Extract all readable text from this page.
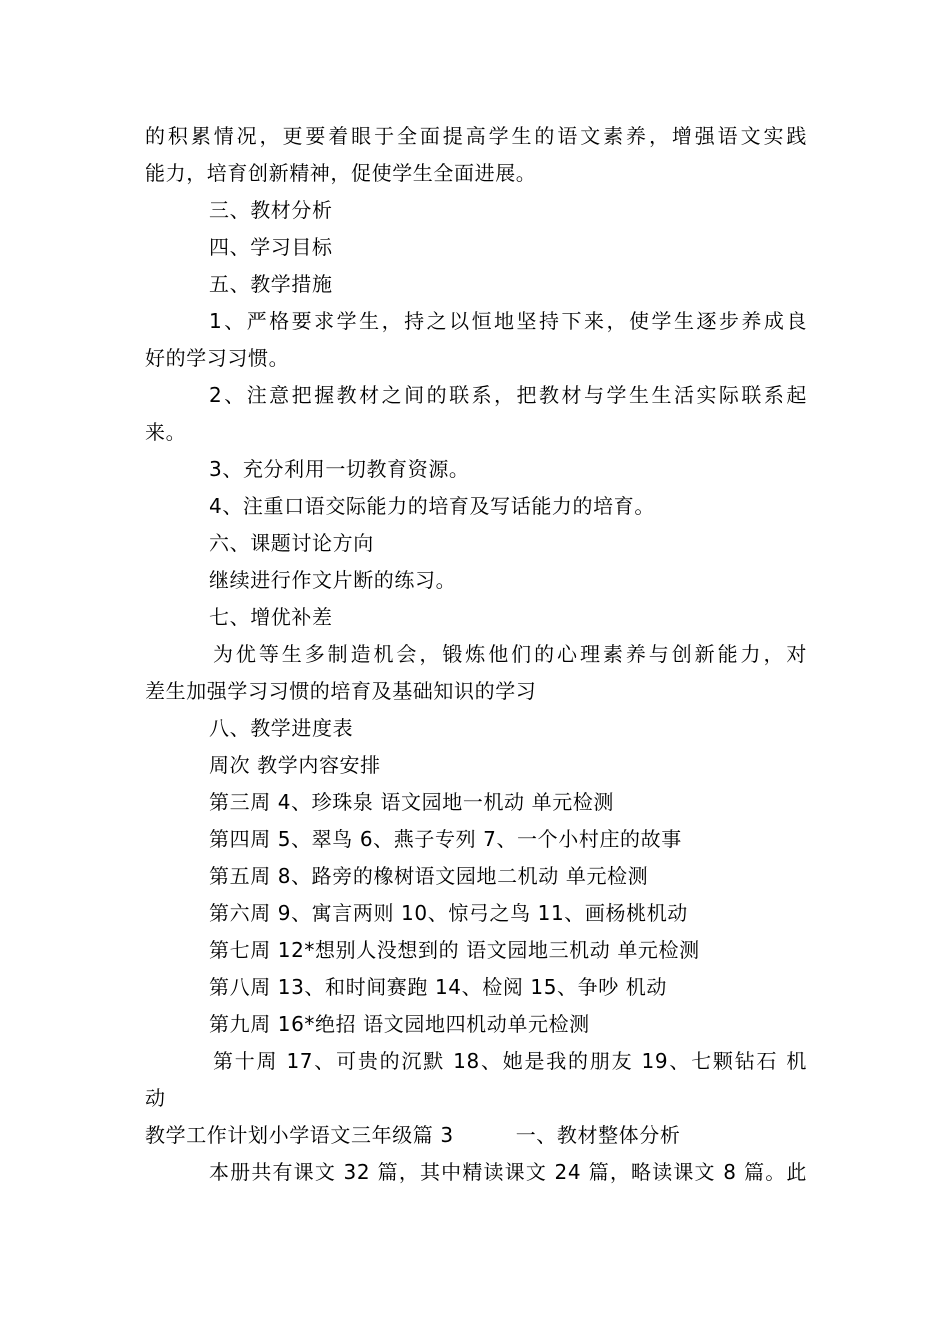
的积累情况，更要着眼于全面提高学生的语文素养，增强语文实践
能力，培育创新精神，促使学生全面进展。
三、教材分析
四、学习目标
五、教学措施
1、严格要求学生，持之以恒地坚持下来，使学生逐步养成良
好的学习习惯。
2、注意把握教材之间的联系，把教材与学生生活实际联系起
来。
3、充分利用一切教育资源。
4、注重口语交际能力的培育及写话能力的培育。
六、课题讨论方向
继续进行作文片断的练习。
七、增优补差
为优等生多制造机会，锻炼他们的心理素养与创新能力，对
差生加强学习习惯的培育及基础知识的学习
八、教学进度表
周次 教学内容安排
第三周 4、珍珠泉 语文园地一机动 单元检测
第四周 5、翠鸟 6、燕子专列 7、一个小村庄的故事
第五周 8、路旁的橡树语文园地二机动 单元检测
第六周 9、寓言两则 10、惊弓之鸟 11、画杨桃机动
第七周 12*想别人没想到的 语文园地三机动 单元检测
第八周 13、和时间赛跑 14、检阅 15、争吵 机动
第九周 16*绝招 语文园地四机动单元检测
第十周 17、可贵的沉默 18、她是我的朋友 19、七颗钻石 机
动
教学工作计划小学语文三年级篇 3	一、教材整体分析
本册共有课文 32 篇，其中精读课文 24 篇，略读课文 8 篇。此
